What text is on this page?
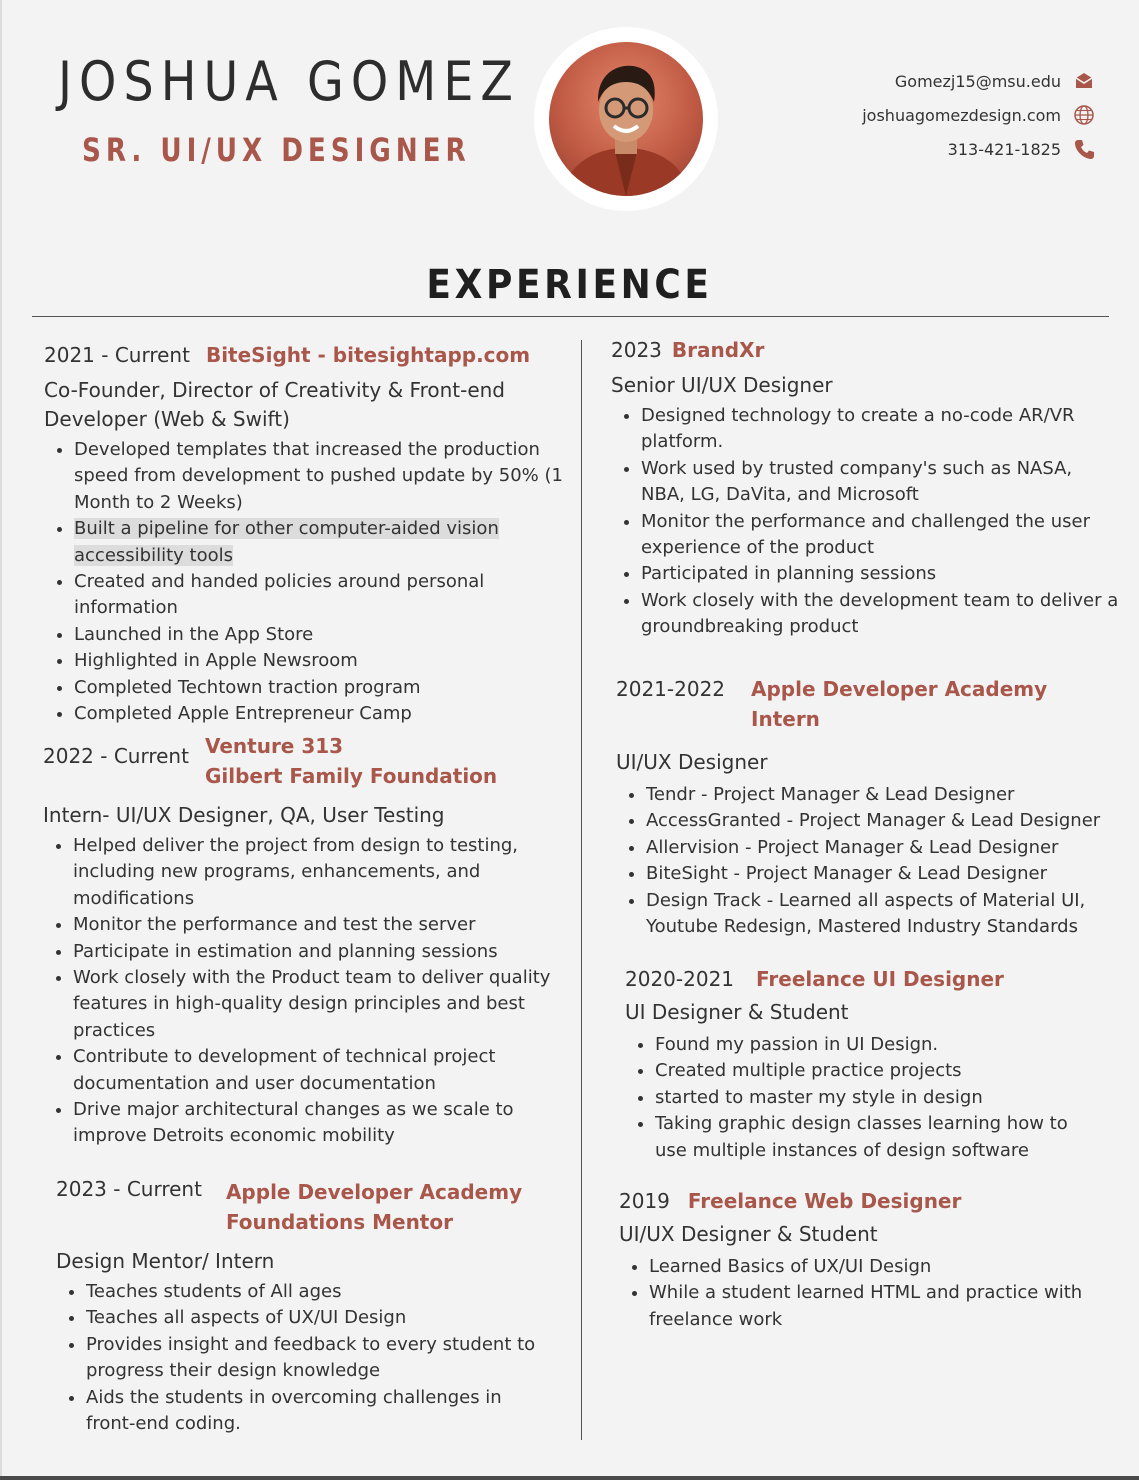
JOSHUA GOMEZ
SR. UI/UX DESIGNER
Gomezj15@msu.edu
joshuagomezdesign.com
313-421-1825
EXPERIENCE
2021 - Current BiteSight - bitesightapp.com
Co-Founder, Director of Creativity & Front-end Developer (Web & Swift)
• Developed templates that increased the production speed from development to pushed update by 50% (1 Month to 2 Weeks)
• Built a pipeline for other computer-aided vision accessibility tools
• Created and handed policies around personal information
• Launched in the App Store
• Highlighted in Apple Newsroom
• Completed Techtown traction program
• Completed Apple Entrepreneur Camp
2022 - Current Venture 313
Gilbert Family Foundation
Intern- UI/UX Designer, QA, User Testing
• Helped deliver the project from design to testing, including new programs, enhancements, and modifications
• Monitor the performance and test the server
• Participate in estimation and planning sessions
• Work closely with the Product team to deliver quality features in high-quality design principles and best practices
• Contribute to development of technical project documentation and user documentation
• Drive major architectural changes as we scale to improve Detroits economic mobility
2023 - Current Apple Developer Academy
Foundations Mentor
Design Mentor/ Intern
• Teaches students of All ages
• Teaches all aspects of UX/UI Design
• Provides insight and feedback to every student to progress their design knowledge
• Aids the students in overcoming challenges in front-end coding.
2023 BrandXr
Senior UI/UX Designer
• Designed technology to create a no-code AR/VR platform.
• Work used by trusted company's such as NASA, NBA, LG, DaVita, and Microsoft
• Monitor the performance and challenged the user experience of the product
• Participated in planning sessions
• Work closely with the development team to deliver a groundbreaking product
2021-2022 Apple Developer Academy Intern
UI/UX Designer
• Tendr - Project Manager & Lead Designer
• AccessGranted - Project Manager & Lead Designer
• Allervision - Project Manager & Lead Designer
• BiteSight - Project Manager & Lead Designer
• Design Track - Learned all aspects of Material UI, Youtube Redesign, Mastered Industry Standards
2020-2021 Freelance UI Designer
UI Designer & Student
• Found my passion in UI Design.
• Created multiple practice projects
• started to master my style in design
• Taking graphic design classes learning how to use multiple instances of design software
2019 Freelance Web Designer
UI/UX Designer & Student
• Learned Basics of UX/UI Design
• While a student learned HTML and practice with freelance work
